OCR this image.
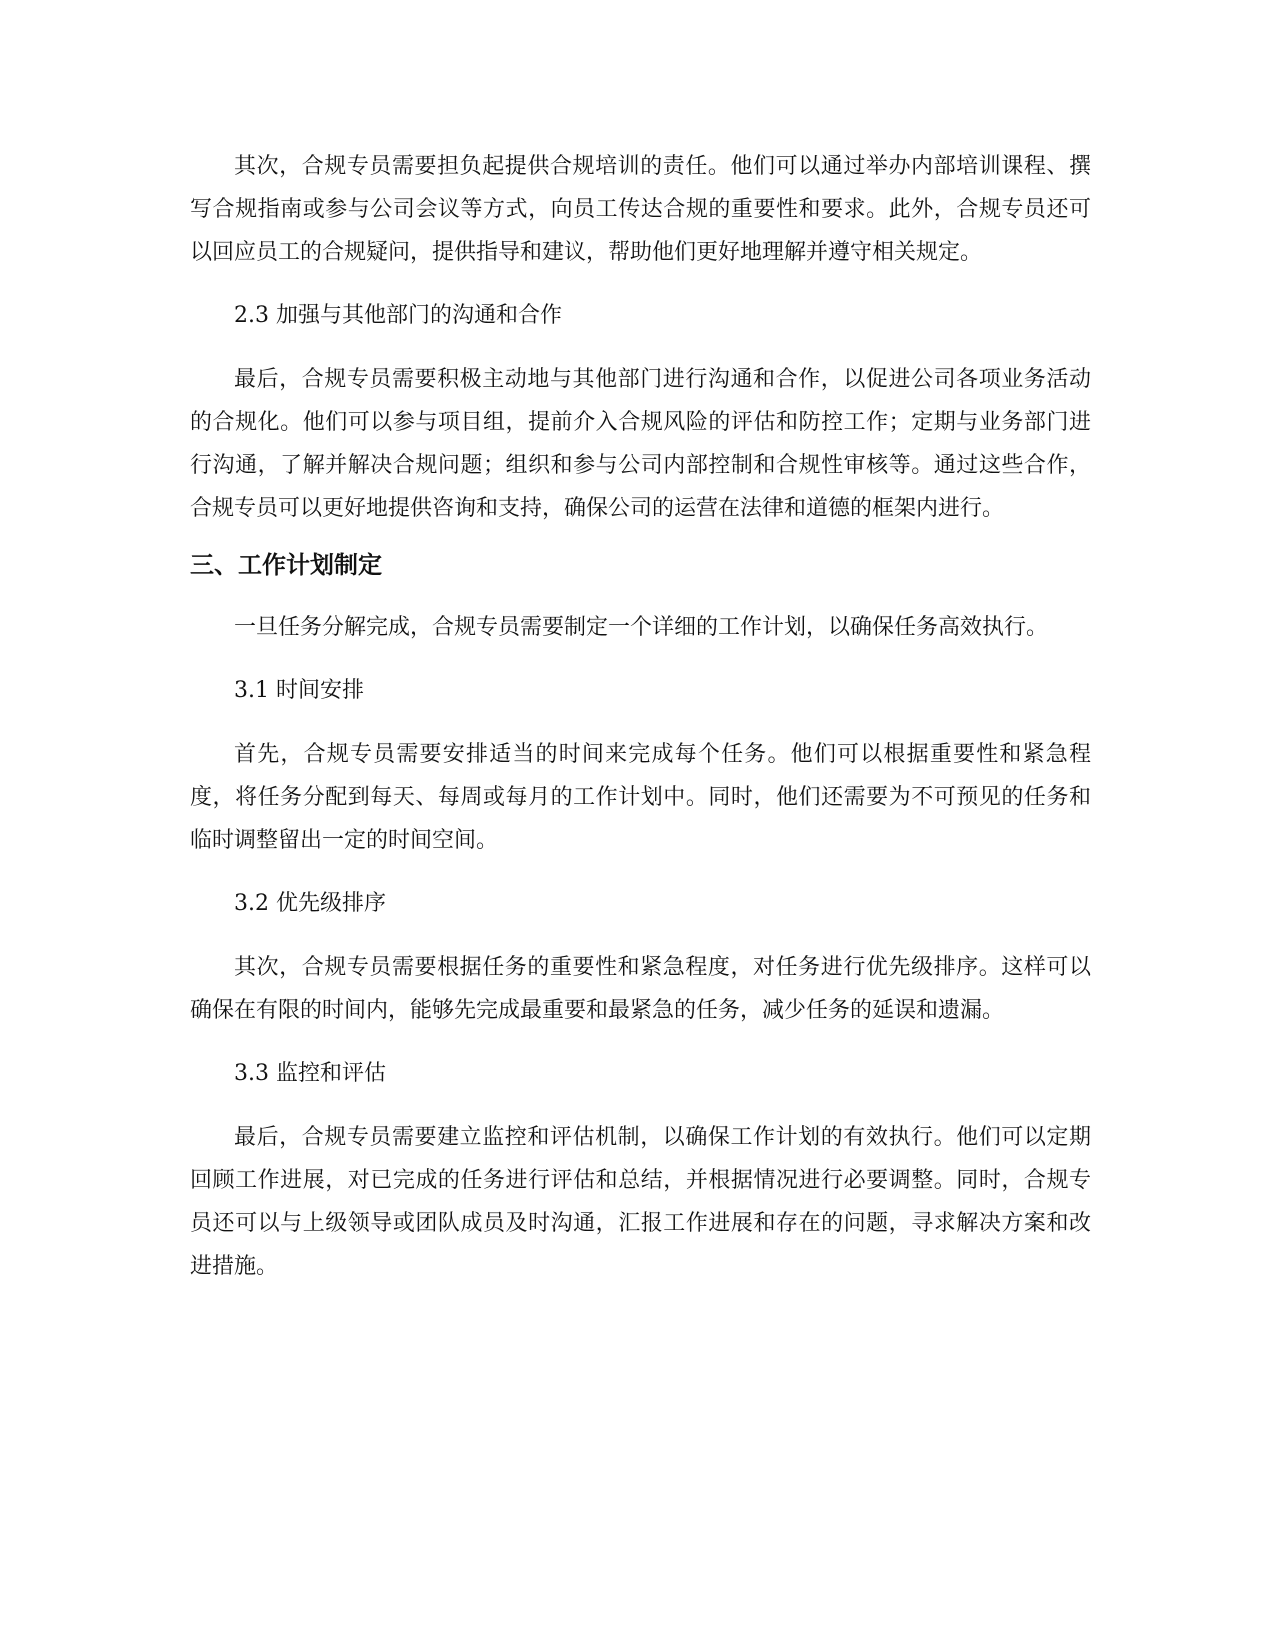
其次，合规专员需要担负起提供合规培训的责任。他们可以通过举办内部培训课程、撰写合规指南或参与公司会议等方式，向员工传达合规的重要性和要求。此外，合规专员还可以回应员工的合规疑问，提供指导和建议，帮助他们更好地理解并遵守相关规定。

2.3 加强与其他部门的沟通和合作

最后，合规专员需要积极主动地与其他部门进行沟通和合作，以促进公司各项业务活动的合规化。他们可以参与项目组，提前介入合规风险的评估和防控工作；定期与业务部门进行沟通，了解并解决合规问题；组织和参与公司内部控制和合规性审核等。通过这些合作，合规专员可以更好地提供咨询和支持，确保公司的运营在法律和道德的框架内进行。

三、工作计划制定

一旦任务分解完成，合规专员需要制定一个详细的工作计划，以确保任务高效执行。

3.1 时间安排

首先，合规专员需要安排适当的时间来完成每个任务。他们可以根据重要性和紧急程度，将任务分配到每天、每周或每月的工作计划中。同时，他们还需要为不可预见的任务和临时调整留出一定的时间空间。

3.2 优先级排序

其次，合规专员需要根据任务的重要性和紧急程度，对任务进行优先级排序。这样可以确保在有限的时间内，能够先完成最重要和最紧急的任务，减少任务的延误和遗漏。

3.3 监控和评估

最后，合规专员需要建立监控和评估机制，以确保工作计划的有效执行。他们可以定期回顾工作进展，对已完成的任务进行评估和总结，并根据情况进行必要调整。同时，合规专员还可以与上级领导或团队成员及时沟通，汇报工作进展和存在的问题，寻求解决方案和改进措施。
